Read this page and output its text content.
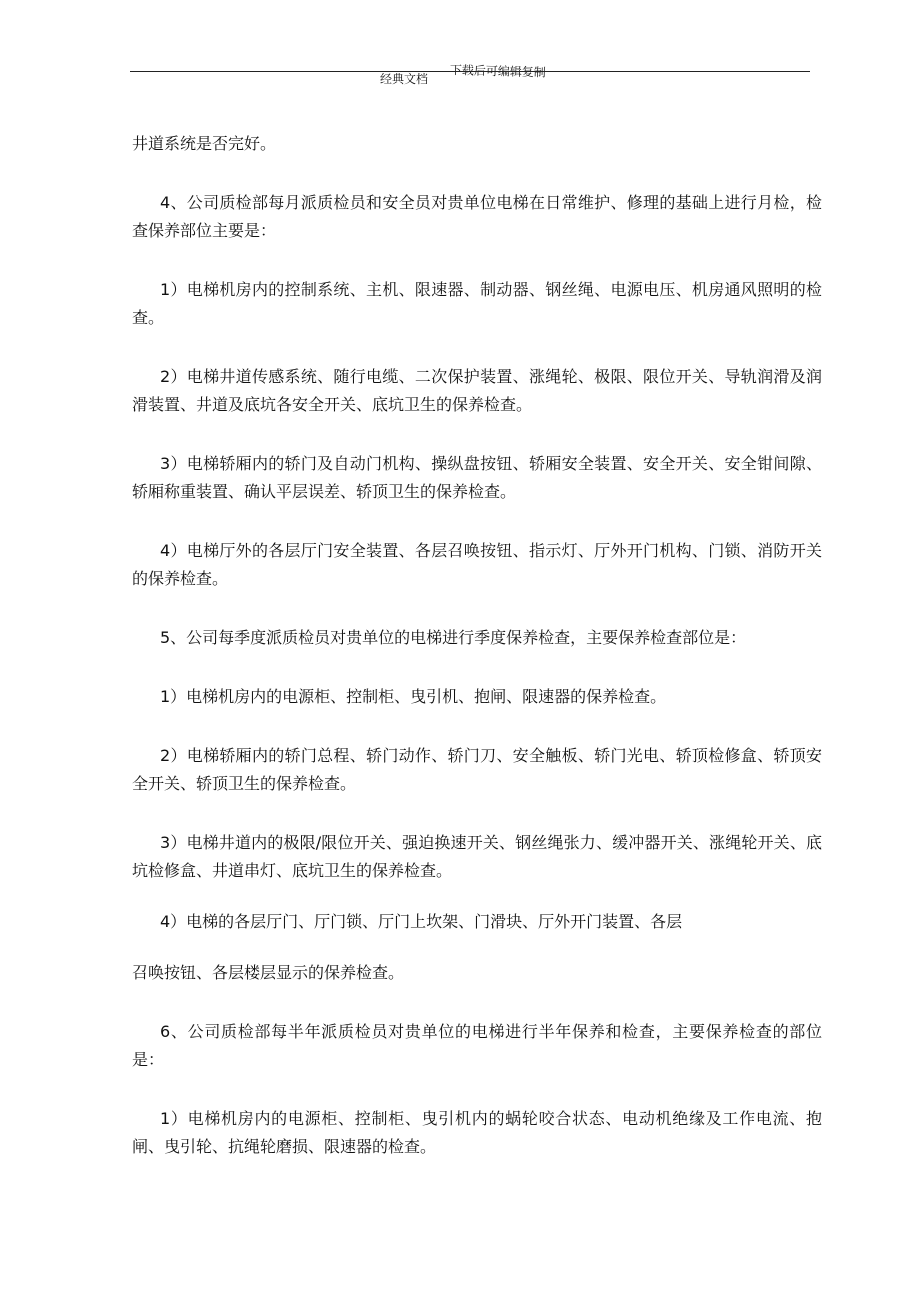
经典文档 下载后可编辑复制

井道系统是否完好。

4、公司质检部每月派质检员和安全员对贵单位电梯在日常维护、修理的基础上进行月检，检查保养部位主要是：

1）电梯机房内的控制系统、主机、限速器、制动器、钢丝绳、电源电压、机房通风照明的检查。

2）电梯井道传感系统、随行电缆、二次保护装置、涨绳轮、极限、限位开关、导轨润滑及润滑装置、井道及底坑各安全开关、底坑卫生的保养检查。

3）电梯轿厢内的轿门及自动门机构、操纵盘按钮、轿厢安全装置、安全开关、安全钳间隙、轿厢称重装置、确认平层误差、轿顶卫生的保养检查。

4）电梯厅外的各层厅门安全装置、各层召唤按钮、指示灯、厅外开门机构、门锁、消防开关的保养检查。

5、公司每季度派质检员对贵单位的电梯进行季度保养检查，主要保养检查部位是：

1）电梯机房内的电源柜、控制柜、曳引机、抱闸、限速器的保养检查。

2）电梯轿厢内的轿门总程、轿门动作、轿门刀、安全触板、轿门光电、轿顶检修盒、轿顶安全开关、轿顶卫生的保养检查。

3）电梯井道内的极限/限位开关、强迫换速开关、钢丝绳张力、缓冲器开关、涨绳轮开关、底坑检修盒、井道串灯、底坑卫生的保养检查。

4）电梯的各层厅门、厅门锁、厅门上坎架、门滑块、厅外开门装置、各层

召唤按钮、各层楼层显示的保养检查。

6、公司质检部每半年派质检员对贵单位的电梯进行半年保养和检查，主要保养检查的部位是：

1）电梯机房内的电源柜、控制柜、曳引机内的蜗轮咬合状态、电动机绝缘及工作电流、抱闸、曳引轮、抗绳轮磨损、限速器的检查。
